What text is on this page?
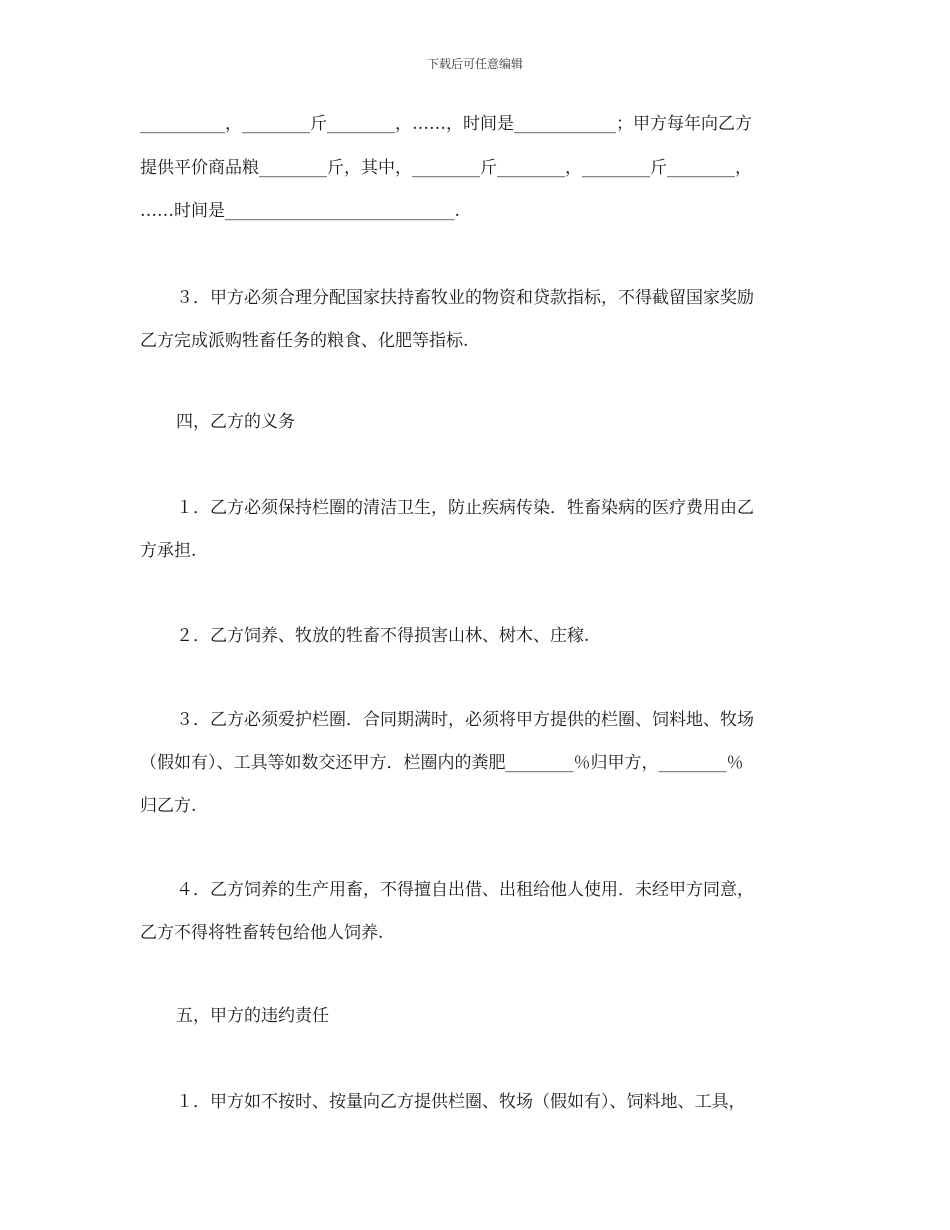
下载后可任意编辑
__________，________斤________，……，时间是____________；甲方每年向乙方
提供平价商品粮________斤，其中，________斤________，________斤________，
……时间是___________________________.
３．甲方必须合理分配国家扶持畜牧业的物资和贷款指标，不得截留国家奖励
乙方完成派购牲畜任务的粮食、化肥等指标.
四，乙方的义务
１．乙方必须保持栏圈的清洁卫生，防止疾病传染．牲畜染病的医疗费用由乙
方承担.
２．乙方饲养、牧放的牲畜不得损害山林、树木、庄稼.
３．乙方必须爱护栏圈．合同期满时，必须将甲方提供的栏圈、饲料地、牧场
（假如有）、工具等如数交还甲方．栏圈内的粪肥________％归甲方，________％
归乙方.
４．乙方饲养的生产用畜，不得擅自出借、出租给他人使用．未经甲方同意，
乙方不得将牲畜转包给他人饲养.
五，甲方的违约责任
１．甲方如不按时、按量向乙方提供栏圈、牧场（假如有）、饲料地、工具，
